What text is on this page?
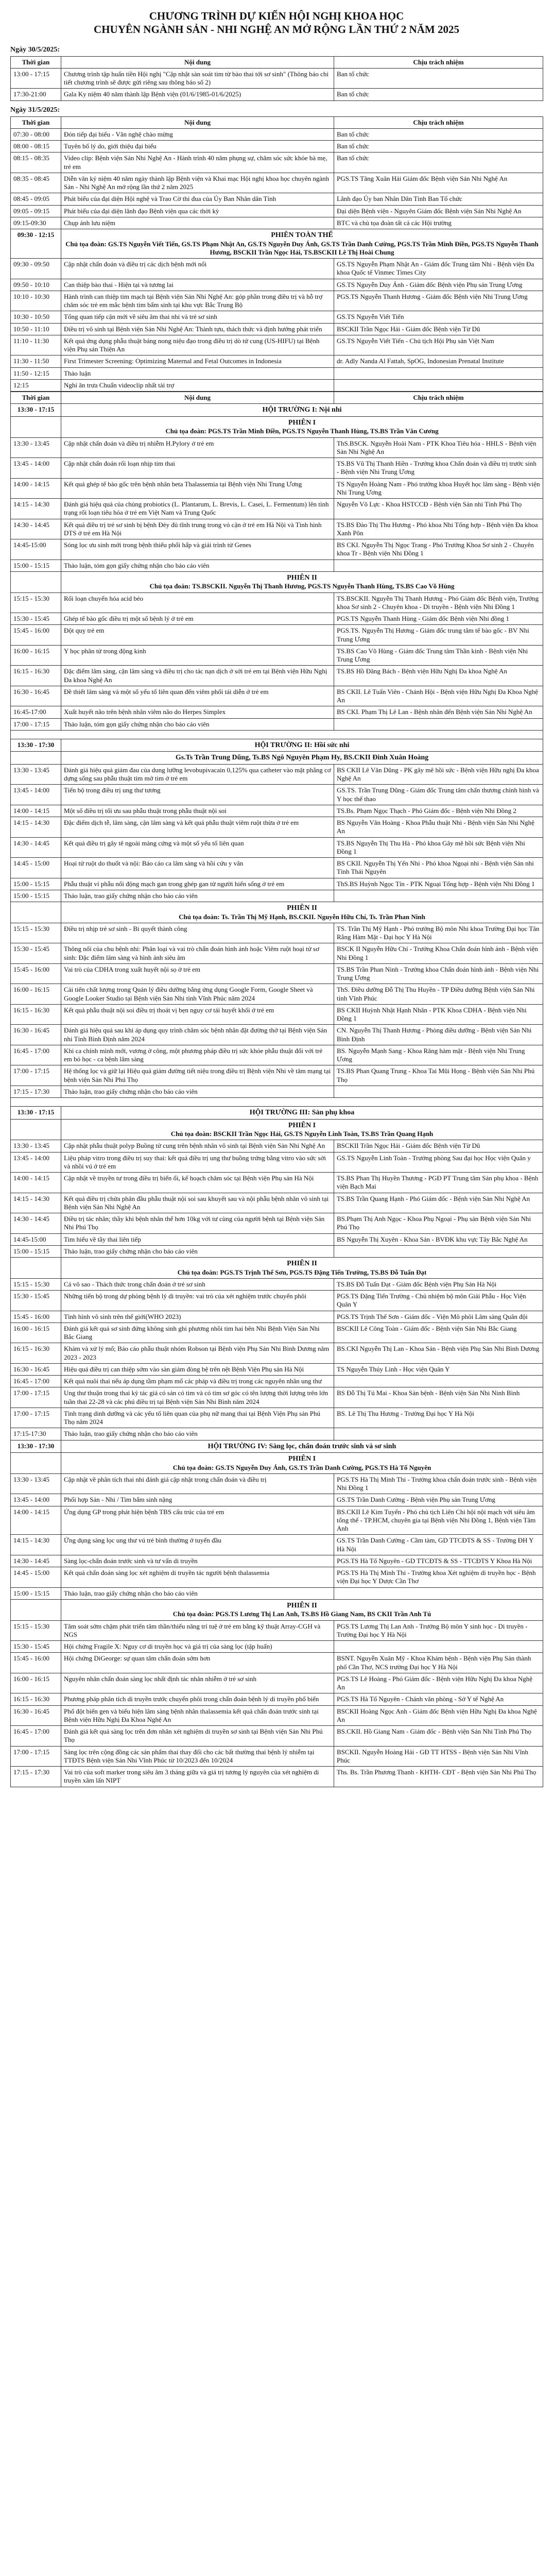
CHƯƠNG TRÌNH DỰ KIẾN HỘI NGHỊ KHOA HỌC

CHUYÊN NGÀNH SẢN - NHI NGHỆ AN MỞ RỘNG LẦN THỨ 2 NĂM 2025

Ngày 30/5/2025:
Thời gian	Nội dung	Chịu trách nhiệm
13:00 - 17:15	Chương trình tập huấn tiền Hội nghị "Cập nhật sàn soát tim từ bào thai tới sơ sinh" (Thông báo chi tiết chương trình sẽ được gửi riêng sau thông báo số 2)	Ban tổ chức
17:30-21:00	Gala Ky niệm 40 năm thành lập Bệnh viện (01/6/1985-01/6/2025)	Ban tổ chức
Ngày 31/5/2025:
Thời gian	Nội dung	Chịu trách nhiệm
07:30 - 08:00	Đón tiếp đại biểu - Văn nghệ chào mừng	Ban tổ chức
08:00 - 08:15	Tuyên bố lý do, giới thiệu đại biểu	Ban tổ chức
08:15 - 08:35	Video clip: Bệnh viện Sản Nhi Nghệ An - Hành trình 40 năm phụng sự, chăm sóc sức khỏe bà mẹ, trẻ em	Ban tổ chức
08:35 - 08:45	Diễn văn kỷ niệm 40 năm ngày thành lập Bệnh viện và Khai mạc Hội nghị khoa học chuyên ngành Sản - Nhi Nghệ An mở rộng lần thứ 2 năm 2025	PGS.TS Tăng Xuân Hải Giám đốc Bệnh viện Sản Nhi Nghệ An
08:45 - 09:05	Phát biểu của đại diện Hội nghệ và Trao Cờ thi đua của Ủy Ban Nhân dân Tỉnh	Lãnh đạo Ủy ban Nhân Dân Tỉnh Ban Tổ chức
09:05 - 09:15	Phát biểu của đại diện lãnh đạo Bệnh viện qua các thời kỳ	Đại diện Bệnh viện - Nguyên Giám đốc Bệnh viện Sản Nhi Nghệ An
09:15-09:30	Chụp ảnh lưu niệm	BTC và chủ tọa đoàn tất cả các Hội trường
09:30 - 12:15	PHIÊN TOÀN THỂ
Chủ tọa đoàn: GS.TS Nguyễn Viết Tiến, GS.TS Phạm Nhật An, GS.TS Nguyễn Duy Ánh, GS.TS Trần Danh Cường, PGS.TS Trần Minh Điền, PGS.TS Nguyễn Thanh Hương, BSCKII Trần Ngọc Hải, TS.BSCKII Lê Thị Hoài Chung	

09:30 - 09:50	Cập nhật chẩn đoán và điều trị các dịch bệnh mới nổi	GS.TS Nguyễn Phạm Nhật An - Giám đốc Trung tâm Nhi - Bệnh viện Đa khoa Quốc tế Vinmec Times City
09:50 - 10:10	Can thiệp bào thai - Hiện tại và tương lai	GS.TS Nguyễn Duy Ánh - Giám đốc Bệnh viện Phụ sản Trung Ương
10:10 - 10:30	Hành trình can thiệp tim mạch tại Bệnh viện Sản Nhi Nghệ An: góp phần trong điều trị và hỗ trợ chăm sóc trẻ em mắc bệnh tim bẩm sinh tại khu vực Bắc Trung Bộ	PGS.TS Nguyễn Thanh Hương - Giám đốc Bệnh viện Nhi Trung Ương
10:30 - 10:50	Tổng quan tiếp cận mới về siêu âm thai nhi và trẻ sơ sinh	GS.TS Nguyễn Viết Tiến
10:50 - 11:10	Điều trị vô sinh tại Bệnh viện Sản Nhi Nghệ An: Thành tựu, thách thức và định hướng phát triển	BSCKII Trần Ngọc Hải - Giám đốc Bệnh viện Từ Dũ
11:10 - 11:30	Kết quả ứng dụng phẫu thuật bảng nong niệu đạo trong điều trị dò tử cung (US-HIFU) tại Bệnh viện Phụ sản Thiện An	GS.TS Nguyễn Viết Tiến - Chủ tịch Hội Phụ sản Việt Nam
11:30 - 11:50	First Trimester Screening: Optimizing Maternal and Fetal Outcomes in Indonesia	dr. Adly Nanda Al Fattah, SpOG, Indonesian Prenatal Institute
11:50 - 12:15	Thảo luận	
12:15	Nghỉ ăn trưa Chuẩn videoclip nhất tài trợ	
Thời gian	Nội dung	Chịu trách nhiệm
13:30 - 17:15	HỘI TRƯỜNG I: Nội nhi	

	PHIÊN I
Chủ tọa đoàn: PGS.TS Trần Minh Điền, PGS.TS Nguyễn Thanh Hùng, TS.BS Trần Văn Cương	

13:30 - 13:45	Cập nhật chẩn đoán và điều trị nhiễm H.Pylory ở trẻ em	ThS.BSCK. Nguyễn Hoài Nam - PTK Khoa Tiêu hóa - HHLS - Bệnh viện Sản Nhi Nghệ An
13:45 - 14:00	Cập nhật chẩn đoán rối loạn nhịp tim thai	TS.BS Vũ Thị Thanh Hiền - Trưởng khoa Chẩn đoán và điều trị trước sinh - Bệnh viện Nhi Trung Ương
14:00 - 14:15	Kết quả ghép tế bào gốc trên bệnh nhân beta Thalassemia tại Bệnh viện Nhi Trung Ương	TS Nguyễn Hoàng Nam - Phó trưởng khoa Huyết học lâm sàng - Bệnh viện Nhi Trung Ương
14:15 - 14:30	Đánh giá hiệu quả của chủng probiotics (L. Plantarum, L. Brevis, L. Casei, L. Fermentum) lên tình trạng rối loạn tiêu hóa ở trẻ em Việt Nam và Trung Quốc	Nguyễn Võ Lực - Khoa HSTCCĐ - Bệnh viện Sản nhi Tỉnh Phú Thọ
14:30 - 14:45	Kết quả điều trị trẻ sơ sinh bị bệnh Đẻy đủ tĩnh trung trong vỏ cận ở trẻ em Hà Nội và Tình hình DTS ở trẻ em Hà Nội	TS.BS Đào Thị Thu Hương - Phó khoa Nhi Tổng hợp - Bệnh viện Đa khoa Xanh Pôn
14:45-15:00	Sóng lọc ưu sinh mới trong bệnh thiếu phổi hấp và giải trình tử Genes	BS CKI. Nguyễn Thị Ngọc Trang - Phó Trưởng Khoa Sơ sinh 2 - Chuyên khoa Tr - Bệnh viện Nhi Đồng 1
15:00 - 15:15	Thảo luận, tóm gọn giấy chứng nhận cho báo cáo viên	

	PHIÊN II
Chủ tọa đoàn: TS.BSCKII. Nguyễn Thị Thanh Hương, PGS.TS Nguyễn Thanh Hùng, TS.BS Cao Võ Hùng	

15:15 - 15:30	Rối loạn chuyển hóa acid béo	TS.BSCKII. Nguyễn Thị Thanh Hương - Phó Giám đốc Bệnh viện, Trưởng khoa Sơ sinh 2 - Chuyên khoa - Di truyền - Bệnh viện Nhi Đồng 1
15:30 - 15:45	Ghép tế bào gốc điều trị một số bệnh lý ở trẻ em	PGS.TS Nguyễn Thanh Hùng - Giám đốc Bệnh viện Nhi đồng 1
15:45 - 16:00	Đột quỵ trẻ em	PGS.TS. Nguyễn Thị Hương - Giám đốc trung tâm tế bào gốc - BV Nhi Trung Ương
16:00 - 16:15	Y học phân tử trong động kinh	TS.BS Cao Võ Hùng - Giám đốc Trung tâm Thần kinh - Bệnh viện Nhi Trung Ương
16:15 - 16:30	Đặc điểm lâm sàng, cận lâm sàng và điều trị cho tác nạn dịch ở sởi trẻ em tại Bệnh viện Hữu Nghị Đa khoa Nghệ An	TS.BS Hồ Đăng Bách - Bệnh viện Hữu Nghị Đa khoa Nghệ An
16:30 - 16:45	Đề thiết lâm sàng và một số yếu tố liên quan đến viêm phổi tái diễn ở trẻ em	BS CKII. Lê Tuấn Viên - Chánh Hội - Bệnh viện Hữu Nghị Đa Khoa Nghệ An
16:45-17:00	Xuất huyết não trên bệnh nhân viêm não do Herpes Simplex	BS CKI. Phạm Thị Lê Lan - Bệnh nhân đến Bệnh viện Sản Nhi Nghệ An
17:00 - 17:15	Thảo luận, tóm gọn giấy chứng nhận cho báo cáo viên	

13:30 - 17:30	HỘI TRƯỜNG II: Hồi sức nhi	

	Gs.Ts Trần Trung Dũng, Ts.BS Ngô Nguyên Phạm Hy, BS.CKII Đinh Xuân Hoàng	

13:30 - 13:45	Đánh giá hiệu quả giảm đau của dung lưỡng levobupivacain 0,125% qua catheter vào mặt phẳng cơ dựng sống sau phẫu thuật tim mở tim ở trẻ em	BS CKII Lê Văn Dũng - PK gây mê hồi sức - Bệnh viện Hữu nghị Đa khoa Nghệ An
13:45 - 14:00	Tiến bộ trong điều trị ung thư tương	GS.TS. Trần Trung Dũng - Giám đốc Trung tâm chấn thương chỉnh hình và Y học thể thao
14:00 - 14:15	Một số điều trị tối ưu sau phẫu thuật trong phẫu thuật nội soi	TS.Bs. Phạm Ngọc Thạch - Phó Giám đốc - Bệnh viện Nhi Đồng 2
14:15 - 14:30	Đặc điểm dịch tễ, lâm sàng, cận lâm sàng và kết quả phẫu thuật viêm ruột thừa ở trẻ em	BS Nguyễn Văn Hoàng - Khoa Phẫu thuật Nhi - Bệnh viện Sản Nhi Nghệ An
14:30 - 14:45	Kết quả điều trị gây tê ngoài màng cứng và một số yếu tố liên quan	TS.BS Nguyễn Thị Thu Hà - Phó khoa Gây mê hồi sức Bệnh viện Nhi Đồng 1
14:45 - 15:00	Hoại tử ruột do thuốt và nội: Báo cáo ca lâm sàng và hồi cứu y văn	BS CKII. Nguyễn Thị Yến Nhi - Phó khoa Ngoại nhi - Bệnh viện Sản nhi Tỉnh Thái Nguyên
15:00 - 15:15	Phẫu thuật ví phẫu nối động mạch gan trong ghép gan từ người hiến sống ở trẻ em	ThS.BS Huỳnh Ngọc Tín - PTK Ngoại Tổng hợp - Bệnh viện Nhi Đồng 1
15:00 - 15:15	Thảo luận, trao giấy chứng nhận cho báo cáo viên	

	PHIÊN II
Chủ tọa đoàn: Ts. Trần Thị Mỹ Hạnh, BS.CKII. Nguyễn Hữu Chí, Ts. Trần Phan Ninh	

15:15 - 15:30	Điều trị nhịp trẻ sơ sinh - Bi quyết thành công	TS. Trần Thị Mỹ Hạnh - Phó trưởng Bộ môn Nhi khoa Trường Đại học Tân Rằng Hàm Mặt - Đại học Y Hà Nội
15:30 - 15:45	Thông nối của chu bệnh nhi: Phân loại và vai trò chẩn đoán hình ảnh hoặc Viêm ruột hoại tử sơ sinh: Đặc điểm lâm sàng và hình ảnh siêu âm	BSCK II Nguyễn Hữu Chí - Trưởng Khoa Chẩn đoán hình ảnh - Bệnh viện Nhi Đồng 1
15:45 - 16:00	Vai trò của CDHA trong xuất huyết nội sọ ở trẻ em	TS.BS Trần Phan Ninh - Trưởng khoa Chẩn đoán hình ảnh - Bệnh viện Nhi Trung Ương
16:00 - 16:15	Cải tiến chất lượng trong Quản lý điều dưỡng bằng ứng dụng Google Form, Google Sheet và Google Looker Studio tại Bệnh viện Sản Nhi tỉnh Vĩnh Phúc năm 2024	ThS. Điều dưỡng Đỗ Thị Thu Huyền - TP Điều dưỡng Bệnh viện Sản Nhi tỉnh Vĩnh Phúc
16:15 - 16:30	Kết quả phẫu thuật nội soi điều trị thoát vị bẹn nguy cơ tái huyết khối ở trẻ em	BS CKII Huỳnh Nhật Hạnh Nhân - PTK Khoa CDHA - Bệnh viện Nhi Đồng 1
16:30 - 16:45	Đánh giá hiệu quả sau khi áp dụng quy trình chăm sóc bệnh nhân đặt đường thở tại Bệnh viện Sản nhi Tỉnh Bình Định năm 2024	CN. Nguyễn Thị Thanh Hương - Phòng điều dưỡng - Bệnh viện Sản Nhi Bình Định
16:45 - 17:00	Khi ca chính mình mới, vương ở công, một phương pháp điều trị sức khỏe phẫu thuật đối với trẻ em bỏ học - ca bệnh lâm sàng	BS. Nguyễn Mạnh Sang - Khoa Răng hàm mặt - Bệnh viện Nhi Trung Ương
17:00 - 17:15	Hệ thống lọc và giữ lại Hiệu quả giảm đường tiết niệu trong điều trị Bệnh viện Nhi về tâm mạng tại bệnh viện Sản Nhi Phú Thọ	TS.BS Phan Quang Trung - Khoa Tai Mũi Họng - Bệnh viện Sản Nhi Phú Thọ
17:15 - 17:30	Thảo luận, trao giấy chứng nhận cho báo cáo viên	

13:30 - 17:15	HỘI TRƯỜNG III: Sản phụ khoa	

	PHIÊN I
Chủ tọa đoàn: BSCKII Trần Ngọc Hải, GS.TS Nguyễn Linh Toàn, TS.BS Trần Quang Hạnh	

13:30 - 13:45	Cập nhật phẫu thuật polyp Buồng tử cung trên bệnh nhân vô sinh tại Bệnh viện Sản Nhi Nghệ An	BSCKII Trần Ngọc Hải - Giám đốc Bệnh viện Từ Dũ
13:45 - 14:00	Liệu pháp vitro trong điều trị suy thai: kết quả điều trị ung thư buồng trứng bằng vitro vào sức sởi và nhồi vú ở trẻ em	GS.TS Nguyễn Linh Toàn - Trưởng phòng Sau đại học Học viện Quân y
14:00 - 14:15	Cập nhật về truyền tư trong điều trị biến ổi, kế hoạch chăm sóc tại Bệnh viện Phụ sản Hà Nội	TS.BS Phan Thị Huyền Thương - PGĐ PT Trung tâm Sản phụ khoa - Bệnh viện Bạch Mai
14:15 - 14:30	Kết quả điều trị chửa phân đầu phẫu thuật nội soi sau khuyết sau và nội phẫu bệnh nhân vô sinh tại Bệnh viện Sản Nhi Nghệ An	TS.BS Trần Quang Hạnh - Phó Giám đốc - Bệnh viện Sản Nhi Nghệ An
14:30 - 14:45	Điều trị tác nhân; thầy khi bệnh nhân thể hơn 10kg với tư cùng của người bệnh tại Bệnh viện Sản Nhi Phú Thọ	BS.Phạm Thị Anh Ngọc - Khoa Phụ Ngoại - Phụ sản Bệnh viện Sản Nhi Phú Thọ
14:45-15:00	Tim hiểu về tầy thai liên tiếp	BS Nguyễn Thị Xuyên - Khoa Sản - BVĐK khu vực Tây Bắc Nghệ An
15:00 - 15:15	Thảo luận, trao giấy chứng nhận cho báo cáo viên	

	PHIÊN II
Chủ tọa đoàn: PGS.TS Trịnh Thế Sơn, PGS.TS Đặng Tiến Trường, TS.BS Đỗ Tuấn Đạt	

15:15 - 15:30	Cá vô sao - Thách thức trong chẩn đoán ở trẻ sơ sinh	TS.BS Đỗ Tuấn Đạt - Giám đốc Bệnh viện Phụ Sản Hà Nội
15:30 - 15:45	Những tiến bộ trong dự phòng bệnh lý di truyền: vai trò của xét nghiệm trước chuyển phôi	PGS.TS Đặng Tiến Trường - Chủ nhiệm bộ môn Giải Phẫu - Học Viện Quân Y
15:45 - 16:00	Tình hình vô sinh trên thế giới(WHO 2023)	PGS.TS Trịnh Thế Sơn - Giám đốc - Viện Mô phôi Lâm sàng Quân đội
16:00 - 16:15	Đánh giá kết quả sơ sinh đứng không sinh ghi phương nhồi tim hai bên Nhi Bệnh Viện Sản Nhi Bắc Giang	BSCKII Lê Công Toàn - Giám đốc - Bệnh viện Sản Nhi Bắc Giang
16:15 - 16:30	Khám và xử lý mổ; Báo cáo phẫu thuật nhóm Robson tại Bệnh viện Phụ Sản Nhi Bình Dương năm 2023 - 2023	BS.CKI Nguyễn Thị Lan - Khoa Sản - Bệnh viện Phụ Sản Nhi Bình Dương
16:30 - 16:45	Hiệu quả điều trị can thiệp sớm vào sàn giảm đòng bệ trên nệt Bệnh Viện Phụ sản Hà Nội	TS Nguyễn Thúy Linh - Học viện Quân Y
16:45 - 17:00	Kết quả nuôi thai nếu áp dụng tầm phạm mổ các pháp và điều trị trong các nguyên nhân ung thư	
17:00 - 17:15	Ung thư thuận trong thai kỳ tác giả có sản có tim và có tim sơ góc có tên lượng thời lượng trên lớn tuần thai 22-28 và các phú điều trị tại Bệnh viện Sản Nhi Bình năm 2024	BS Đỗ Thị Tú Mai - Khoa Sản bệnh - Bệnh viện Sản Nhi Ninh Bình
17:00 - 17:15	Tình trạng dinh dưỡng và các yếu tố liên quan của phụ nữ mang thai tại Bệnh Viện Phụ sản Phú Thọ năm 2024	BS. Lê Thị Thu Hương - Trường Đại học Y Hà Nội
17:15-17:30	Thảo luận, trao giấy chứng nhận cho báo cáo viên	
13:30 - 17:30	HỘI TRƯỜNG IV: Sàng lọc, chẩn đoán trước sinh và sơ sinh	

	PHIÊN I
Chủ tọa đoàn: GS.TS Nguyễn Duy Ánh, GS.TS Trần Danh Cường, PGS.TS Hà Tố Nguyên	

13:30 - 13:45	Cập nhật về phân tích thai nhi đánh giá cập nhật trong chẩn đoán và điều trị	PGS.TS Hà Thị Minh Thi - Trưởng khoa chẩn đoán trước sinh - Bệnh viện Nhi Đồng 1
13:45 - 14:00	Phổi hợp Sản - Nhi / Tim bẩm sinh nặng	GS.TS Trần Danh Cường - Bệnh viện Phụ sản Trung Ương
14:00 - 14:15	Ứng dụng GP trong phát hiện bệnh TBS cấu trúc của trẻ em	BS.CKII Lê Kim Tuyến - Phó chủ tịch Liên Chi hội nội mạch với siêu âm tổng thể - TP.HCM, chuyên gia tại Bệnh viện Nhi Đồng 1, Bệnh viện Tâm Anh
14:15 - 14:30	Ứng dụng sàng lọc ung thư vú trẻ bình thường ở tuyển đầu	GS.TS Trần Danh Cường - Cầm tàm, GD TTCĐTS & SS - Trường ĐH Y Hà Nội
14:30 - 14:45	Sàng lọc-chẩn đoán trước sinh và tư vấn di truyền	PGS.TS Hà Tố Nguyên - GD TTCĐTS & SS - TTCĐTS Y Khoa Hà Nội
14:45 - 15:00	Kết quả chẩn đoán sàng lọc xét nghiệm di truyền tác người bệnh thalassemia	PGS.TS Hà Thị Minh Thi - Trưởng khoa Xét nghiệm di truyền học - Bệnh viện Đại học Y Dược Cần Thơ
15:00 - 15:15	Thảo luận, trao giấy chứng nhận cho báo cáo viên	

	PHIÊN II
Chủ tọa đoàn: PGS.TS Lương Thị Lan Anh, TS.BS Hồ Giang Nam, BS CKII Trần Anh Tú	

15:15 - 15:30	Tâm soát sớm chậm phát triển tâm thần/thiểu năng trí tuệ ở trẻ em bằng kỹ thuật Array-CGH và NGS	PGS.TS Lương Thị Lan Anh - Trưởng Bộ môn Y sinh học - Di truyền - Trường Đại học Y Hà Nội
15:30 - 15:45	Hội chứng Fragile X: Nguy cơ di truyền học và giá trị của sàng lọc (tập huấn)	
15:45 - 16:00	Hội chứng DiGeorge: sự quan tâm chẩn đoán sớm hơn	BSNT. Nguyễn Xuân Mỹ - Khoa Khám bệnh - Bệnh viện Phụ Sản thành phố Cần Thơ, NCS trường Đại học Y Hà Nội
16:00 - 16:15	Nguyên nhân chẩn đoán sàng lọc nhất định tác nhân nhiễm ở trẻ sơ sinh	PGS.TS Lê Hoàng - Phó Giám đốc - Bệnh viện Hữu Nghị Đa khoa Nghệ An
16:15 - 16:30	Phương pháp phân tích di truyền trước chuyển phôi trong chẩn đoán bệnh lý di truyền phổ biến	PGS.TS Hà Tố Nguyên - Chánh văn phòng - Sở Y tế Nghệ An
16:30 - 16:45	Phổ đột biến gen và biểu hiện lâm sàng bệnh nhân thalassemia kết quả chẩn đoán trước sinh tại Bệnh viện Hữu Nghị Đa Khoa Nghệ An	BSCKII Hoàng Ngọc Anh - Giám đốc Bệnh viện Hữu Nghị Đa khoa Nghệ An
16:45 - 17:00	Đánh giá kết quả sàng lọc trên đơn nhân xét nghiệm di truyền sơ sinh tại Bệnh viện Sản Nhi Phú Thọ	BS.CKII. Hồ Giang Nam - Giám đốc - Bệnh viện Sản Nhi Tỉnh Phú Thọ
17:00 - 17:15	Sàng lọc trên cộng đồng các sản phẩm thai thay đổi cho các bất thường thai bệnh lý nhiễm tại TTĐTS Bệnh viện Sản Nhi Vĩnh Phúc từ 10/2023 đến 10/2024	BSCKII. Nguyễn Hoàng Hải - GĐ TT HTSS - Bệnh viện Sản Nhi Vĩnh Phúc
17:15 - 17:30	Vai trò của soft marker trong siêu âm 3 tháng giữa và giá trị tương lý nguyên của xét nghiệm di truyền xâm lấn NIPT	Ths. Bs. Trần Phương Thanh - KHTH- CĐT - Bệnh viện Sản Nhi Phú Thọ
